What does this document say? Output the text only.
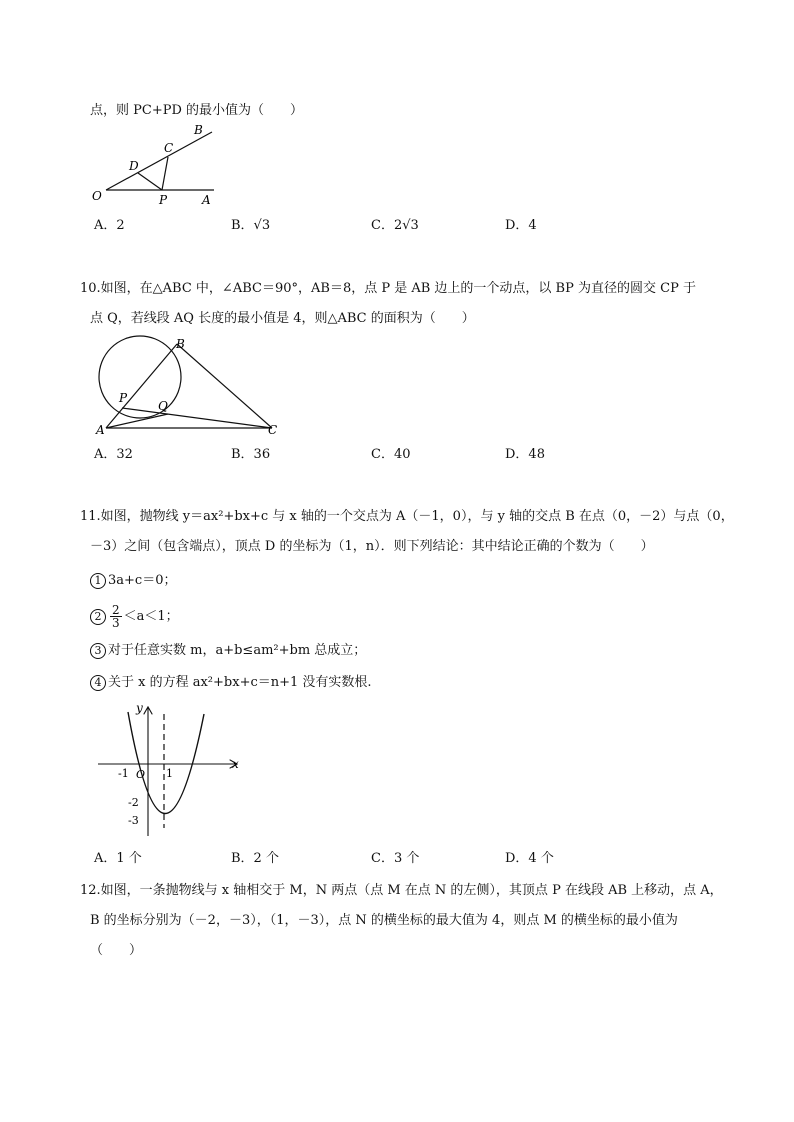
点，则 PC+PD 的最小值为（　　）
B
C
D
O	P	A
A．2	B．√3	C．2√3	D．4
10.如图，在△ABC 中，∠ABC＝90°，AB＝8，点 P 是 AB 边上的一个动点，以 BP 为直径的圆交 CP 于
点 Q，若线段 AQ 长度的最小值是 4，则△ABC 的面积为（　　）
B
P
Q
A	C
A．32	B．36	C．40	D．48
11.如图，抛物线 y＝ax²+bx+c 与 x 轴的一个交点为 A（－1，0），与 y 轴的交点 B 在点（0，－2）与点（0，
－3）之间（包含端点），顶点 D 的坐标为（1，n）．则下列结论：其中结论正确的个数为（　　）
1 3a+c＝0；
$2 \frac{2}{3} <a<1$；
3 对于任意实数 m，a+b≤am²+bm 总成立；
4 关于 x 的方程 ax²+bx+c＝n+1 没有实数根.
y
x
-1 O 1
-2
-3
A．1 个	B．2 个	C．3 个	D．4 个
12.如图，一条抛物线与 x 轴相交于 M，N 两点（点 M 在点 N 的左侧），其顶点 P 在线段 AB 上移动，点 A，
B 的坐标分别为（－2，－3），（1，－3），点 N 的横坐标的最大值为 4，则点 M 的横坐标的最小值为
（　　）
